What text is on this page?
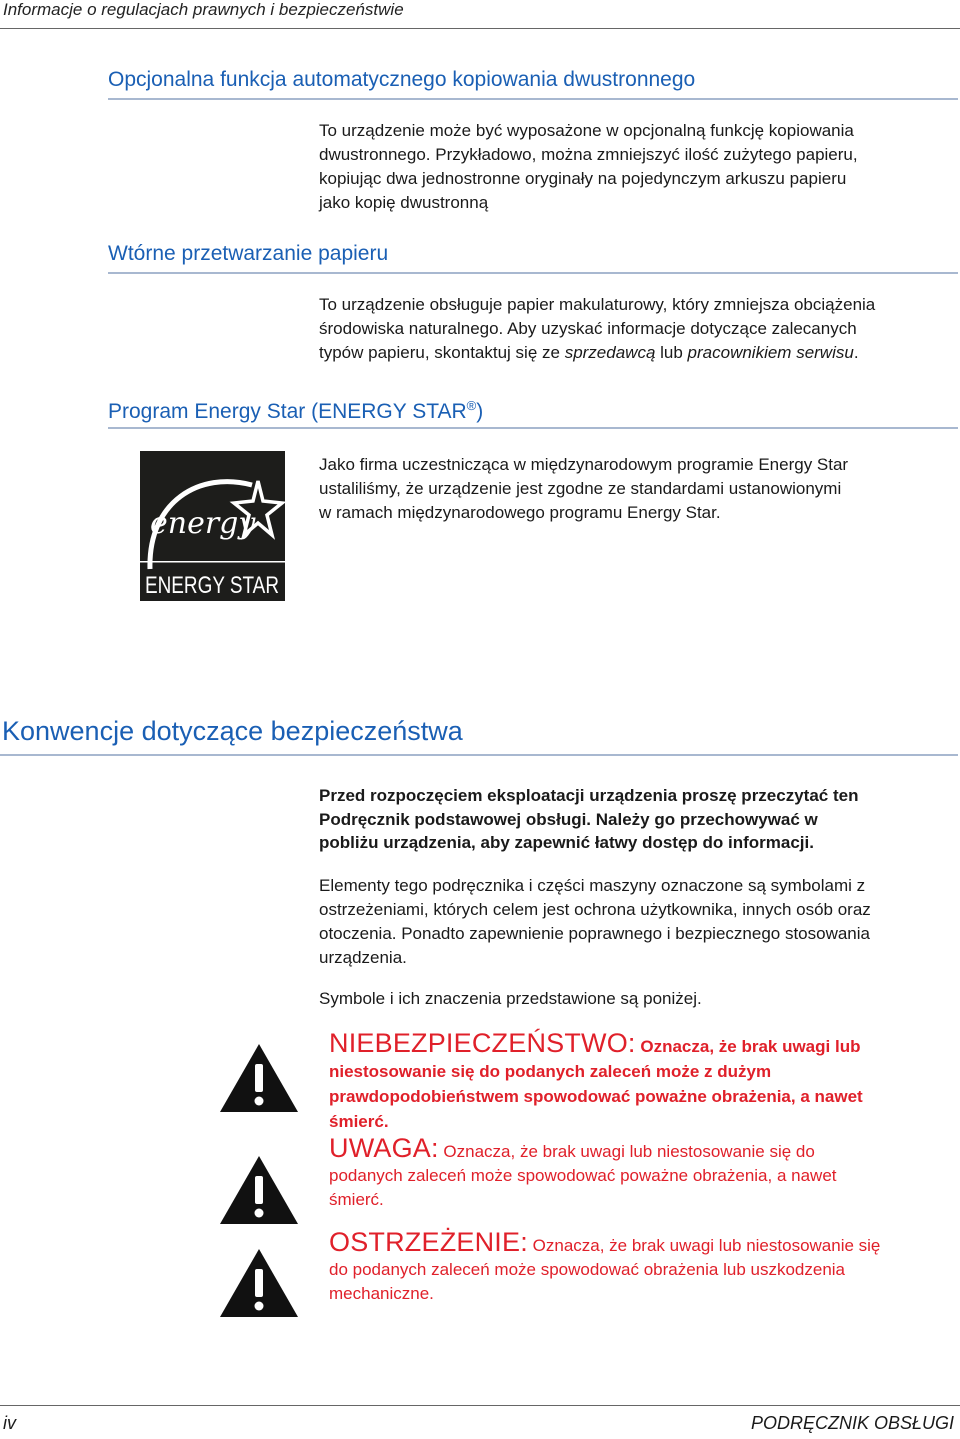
Informacje o regulacjach prawnych i bezpieczeństwie
Opcjonalna funkcja automatycznego kopiowania dwustronnego

To urządzenie może być wyposażone w opcjonalną funkcję kopiowania

dwustronnego. Przykładowo, można zmniejszyć ilość zużytego papieru,

kopiując dwa jednostronne oryginały na pojedynczym arkuszu papieru

jako kopię dwustronną

Wtórne przetwarzanie papieru

To urządzenie obsługuje papier makulaturowy, który zmniejsza obciążenia

środowiska naturalnego. Aby uzyskać informacje dotyczące zalecanych

typów papieru, skontaktuj się ze sprzedawcą lub pracownikiem serwisu.

Program Energy Star (ENERGY STAR®)
energy
ENERGY STAR

Jako firma uczestnicząca w międzynarodowym programie Energy Star

ustaliliśmy, że urządzenie jest zgodne ze standardami ustanowionymi

w ramach międzynarodowego programu Energy Star.

Konwencje dotyczące bezpieczeństwa

Przed rozpoczęciem eksploatacji urządzenia proszę przeczytać ten

Podręcznik podstawowej obsługi. Należy go przechowywać w

pobliżu urządzenia, aby zapewnić łatwy dostęp do informacji.

Elementy tego podręcznika i części maszyny oznaczone są symbolami z

ostrzeżeniami, których celem jest ochrona użytkownika, innych osób oraz

otoczenia. Ponadto zapewnienie poprawnego i bezpiecznego stosowania

urządzenia.

Symbole i ich znaczenia przedstawione są poniżej.
NIEBEZPIECZEŃSTWO: Oznacza, że brak uwagi lub
niestosowanie się do podanych zaleceń może z dużym
prawdopodobieństwem spowodować poważne obrażenia, a nawet
śmierć.
UWAGA: Oznacza, że brak uwagi lub niestosowanie się do
podanych zaleceń może spowodować poważne obrażenia, a nawet
śmierć.
OSTRZEŻENIE: Oznacza, że brak uwagi lub niestosowanie się
do podanych zaleceń może spowodować obrażenia lub uszkodzenia
mechaniczne.
iv	PODRĘCZNIK OBSŁUGI
